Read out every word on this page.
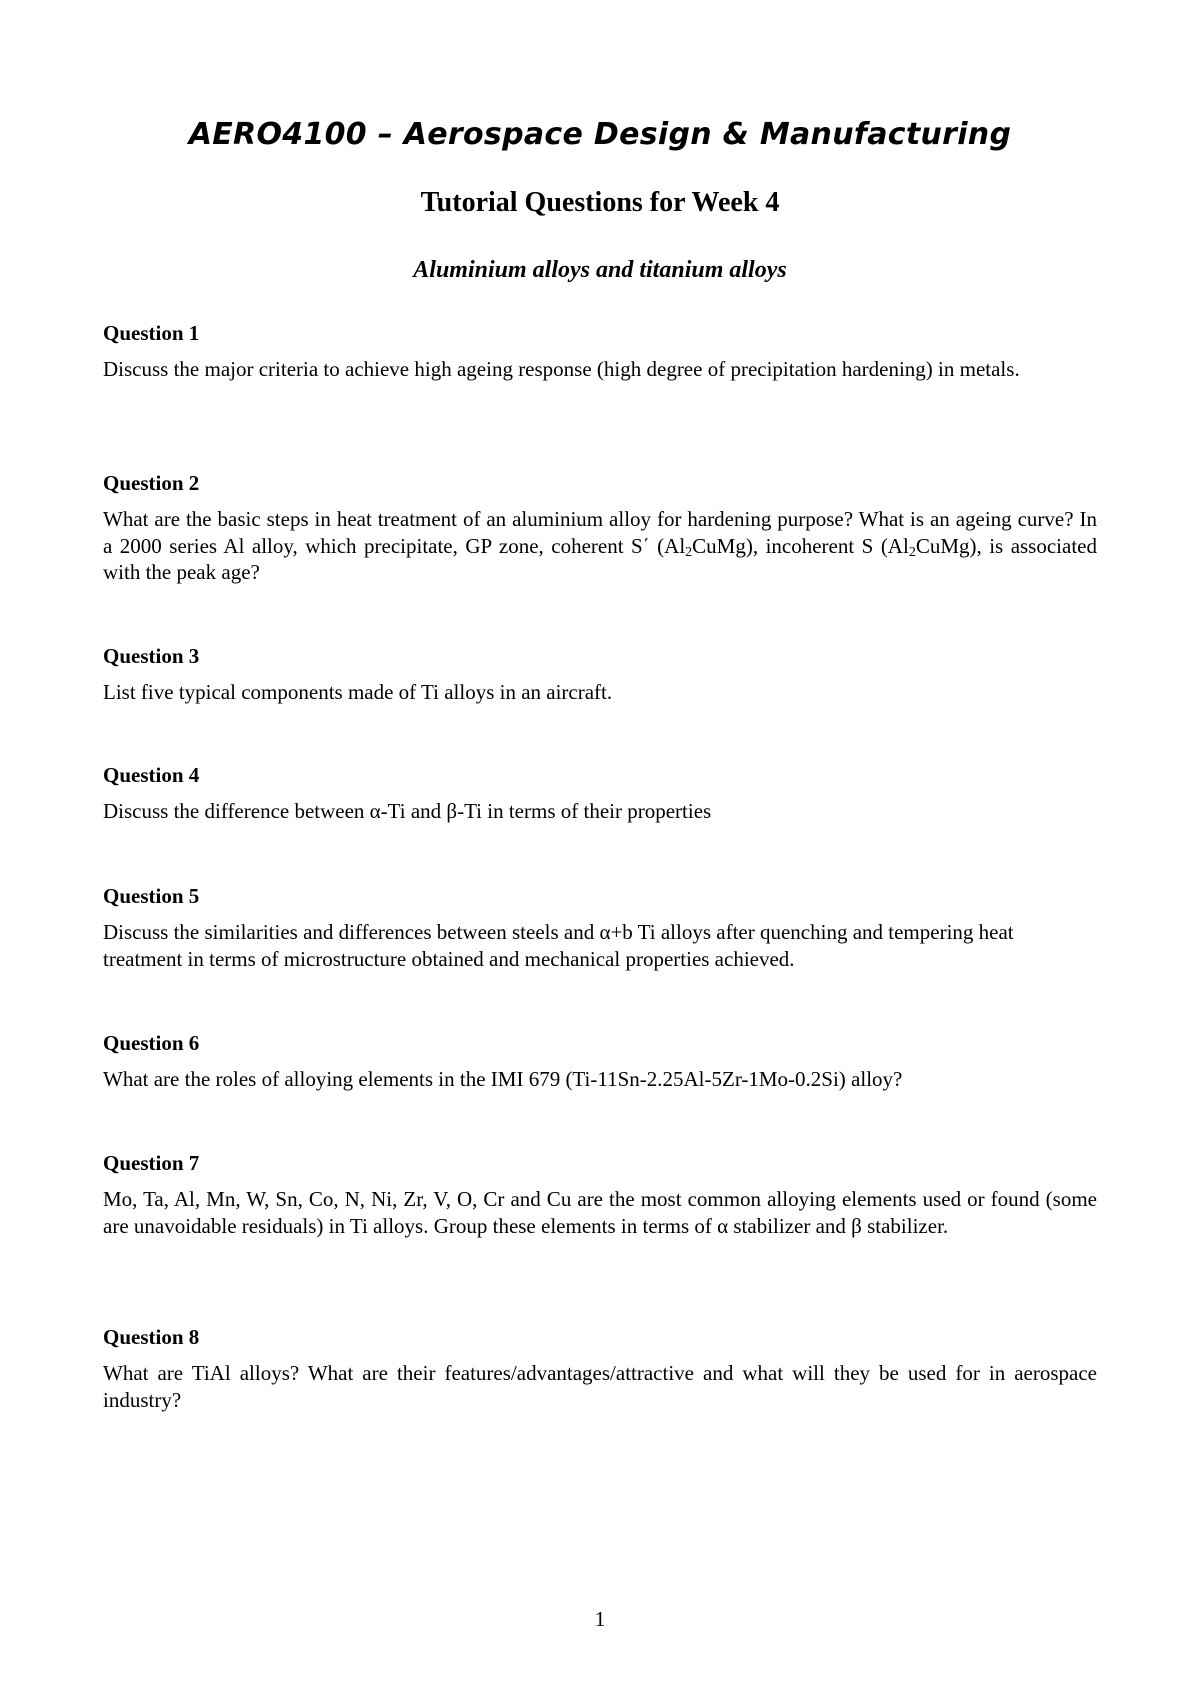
AERO4100 – Aerospace Design & Manufacturing
Tutorial Questions for Week 4
Aluminium alloys and titanium alloys

Question 1

Discuss the major criteria to achieve high ageing response (high degree of precipitation hardening) in metals.

Question 2

What are the basic steps in heat treatment of an aluminium alloy for hardening purpose? What is an ageing curve? In a 2000 series Al alloy, which precipitate, GP zone, coherent S΄ $(Al_2CuMg)$, incoherent S $(Al_2CuMg)$, is associated with the peak age?

Question 3

List five typical components made of Ti alloys in an aircraft.

Question 4

Discuss the difference between α-Ti and β-Ti in terms of their properties

Question 5

Discuss the similarities and differences between steels and α+b Ti alloys after quenching and tempering heat treatment in terms of microstructure obtained and mechanical properties achieved.

Question 6

What are the roles of alloying elements in the IMI 679 (Ti-11Sn-2.25Al-5Zr-1Mo-0.2Si) alloy?

Question 7

Mo, Ta, Al, Mn, W, Sn, Co, N, Ni, Zr, V, O, Cr and Cu are the most common alloying elements used or found (some are unavoidable residuals) in Ti alloys. Group these elements in terms of α stabilizer and β stabilizer.

Question 8

What are TiAl alloys? What are their features/advantages/attractive and what will they be used for in aerospace industry?

1
